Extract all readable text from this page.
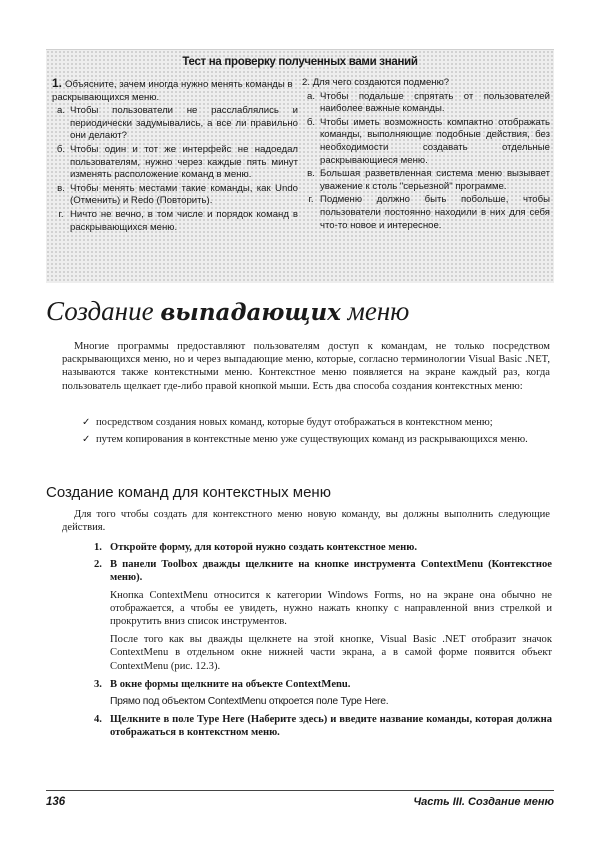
Тест на проверку полученных вами знаний
1. Объясните, зачем иногда нужно менять команды в раскрывающихся меню.
а. Чтобы пользователи не расслаблялись и периодически задумывались, а все ли правильно они делают?
б. Чтобы один и тот же интерфейс не надоедал пользователям, нужно через каждые пять минут изменять расположение команд в меню.
в. Чтобы менять местами такие команды, как Undo (Отменить) и Redo (Повторить).
г. Ничто не вечно, в том числе и порядок команд в раскрывающихся меню.
2. Для чего создаются подменю?
а. Чтобы подальше спрятать от пользователей наиболее важные команды.
б. Чтобы иметь возможность компактно отображать команды, выполняющие подобные действия, без необходимости создавать отдельные раскрывающиеся меню.
в. Большая разветвленная система меню вызывает уважение к столь "серьезной" программе.
г. Подменю должно быть побольше, чтобы пользователи постоянно находили в них для себя что-то новое и интересное.
Создание выпадающих меню
Многие программы предоставляют пользователям доступ к командам, не только посредством раскрывающихся меню, но и через выпадающие меню, которые, согласно терминологии Visual Basic .NET, называются также контекстными меню. Контекстное меню появляется на экране каждый раз, когда пользователь щелкает где-либо правой кнопкой мыши. Есть два способа создания контекстных меню:
✓ посредством создания новых команд, которые будут отображаться в контекстном меню;
✓ путем копирования в контекстные меню уже существующих команд из раскрывающихся меню.
Создание команд для контекстных меню
Для того чтобы создать для контекстного меню новую команду, вы должны выполнить следующие действия.
1. Откройте форму, для которой нужно создать контекстное меню.
2. В панели Toolbox дважды щелкните на кнопке инструмента ContextMenu (Контекстное меню).
Кнопка ContextMenu относится к категории Windows Forms, но на экране она обычно не отображается, а чтобы ее увидеть, нужно нажать кнопку с направленной вниз стрелкой и прокрутить вниз список инструментов.
После того как вы дважды щелкнете на этой кнопке, Visual Basic .NET отобразит значок ContextMenu в отдельном окне нижней части экрана, а в самой форме появится объект ContextMenu (рис. 12.3).
3. В окне формы щелкните на объекте ContextMenu.
Прямо под объектом ContextMenu откроется поле Type Here.
4. Щелкните в поле Type Here (Наберите здесь) и введите название команды, которая должна отображаться в контекстном меню.
136	Часть III. Создание меню
